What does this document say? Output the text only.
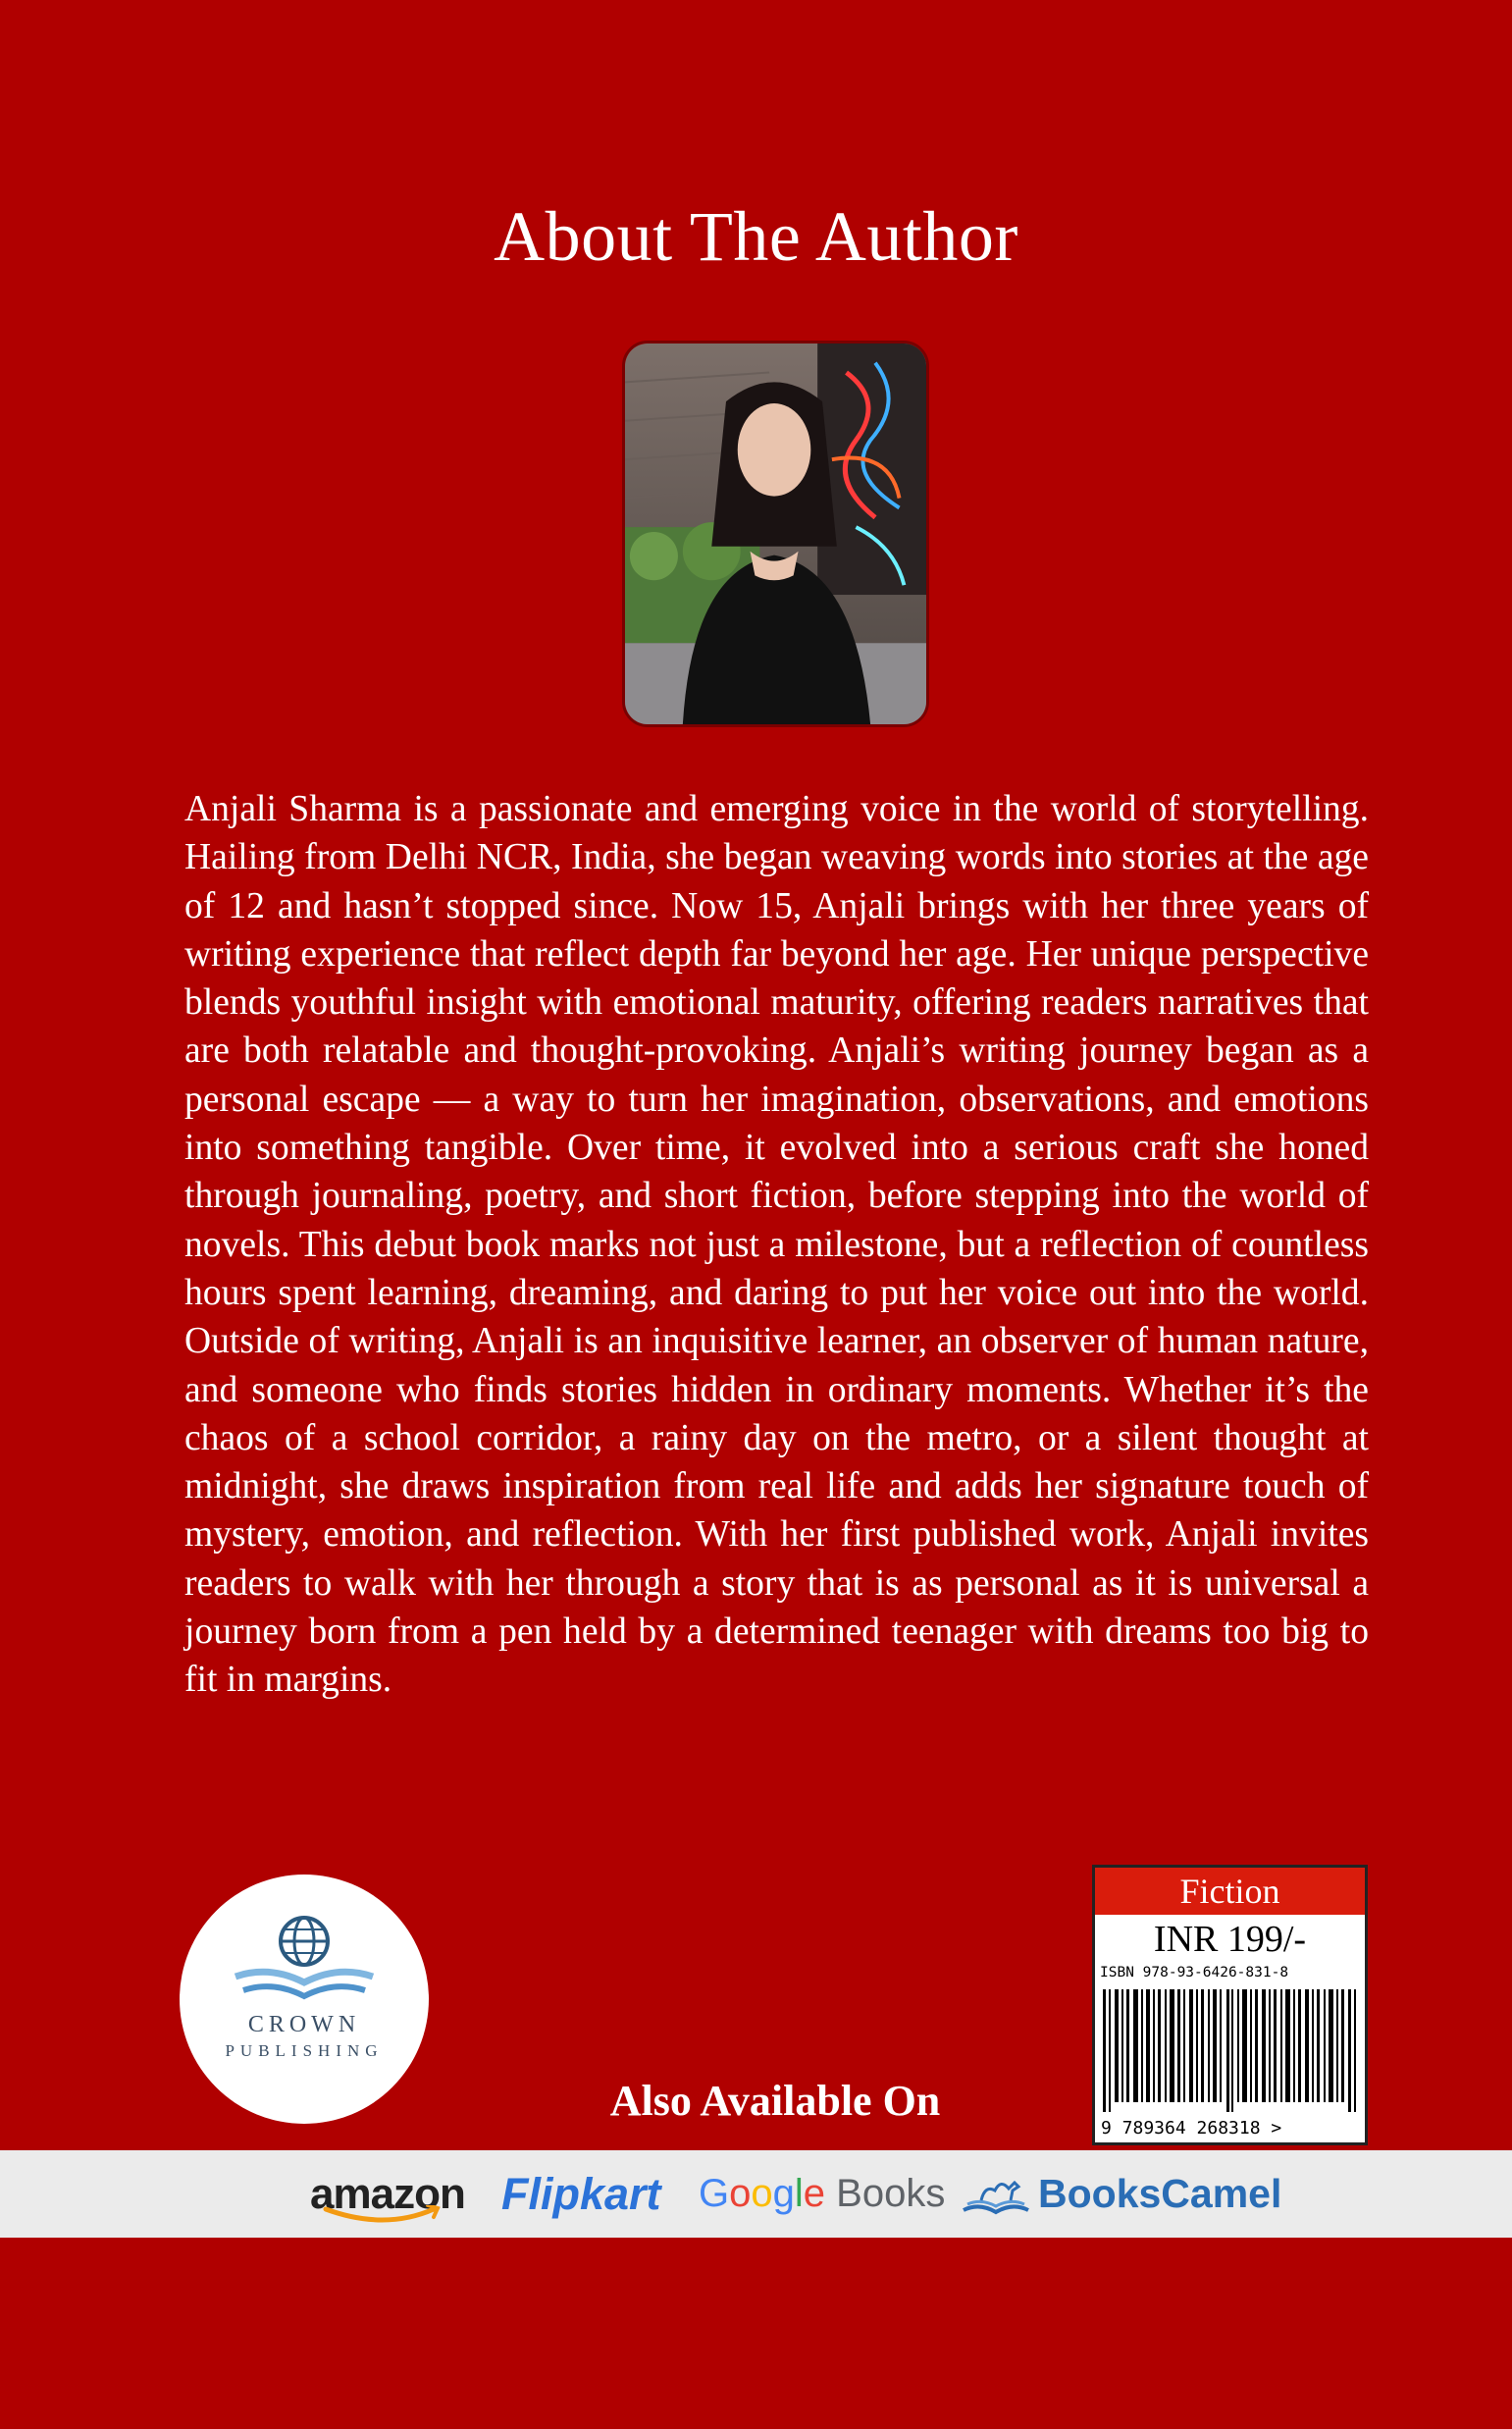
About The Author

Anjali Sharma is a passionate and emerging voice in the world of storytelling. Hailing from Delhi NCR, India, she began weaving words into stories at the age of 12 and hasn’t stopped since. Now 15, Anjali brings with her three years of writing experience that reflect depth far beyond her age. Her unique perspective blends youthful insight with emotional maturity, offering readers narratives that are both relatable and thought-provoking. Anjali’s writing journey began as a personal escape — a way to turn her imagination, observations, and emotions into something tangible. Over time, it evolved into a serious craft she honed through journaling, poetry, and short fiction, before stepping into the world of novels. This debut book marks not just a milestone, but a reflection of countless hours spent learning, dreaming, and daring to put her voice out into the world. Outside of writing, Anjali is an inquisitive learner, an observer of human nature, and someone who finds stories hidden in ordinary moments. Whether it’s the chaos of a school corridor, a rainy day on the metro, or a silent thought at midnight, she draws inspiration from real life and adds her signature touch of mystery, emotion, and reflection. With her first published work, Anjali invites readers to walk with her through a story that is as personal as it is universal a journey born from a pen held by a determined teenager with dreams too big to fit in margins.

CROWN
PUBLISHING
Also Available On
Fiction
INR 199/-
ISBN 978-93-6426-831-8
9 789364 268318 >
amazon Flipkart Google Books	BooksCamel
